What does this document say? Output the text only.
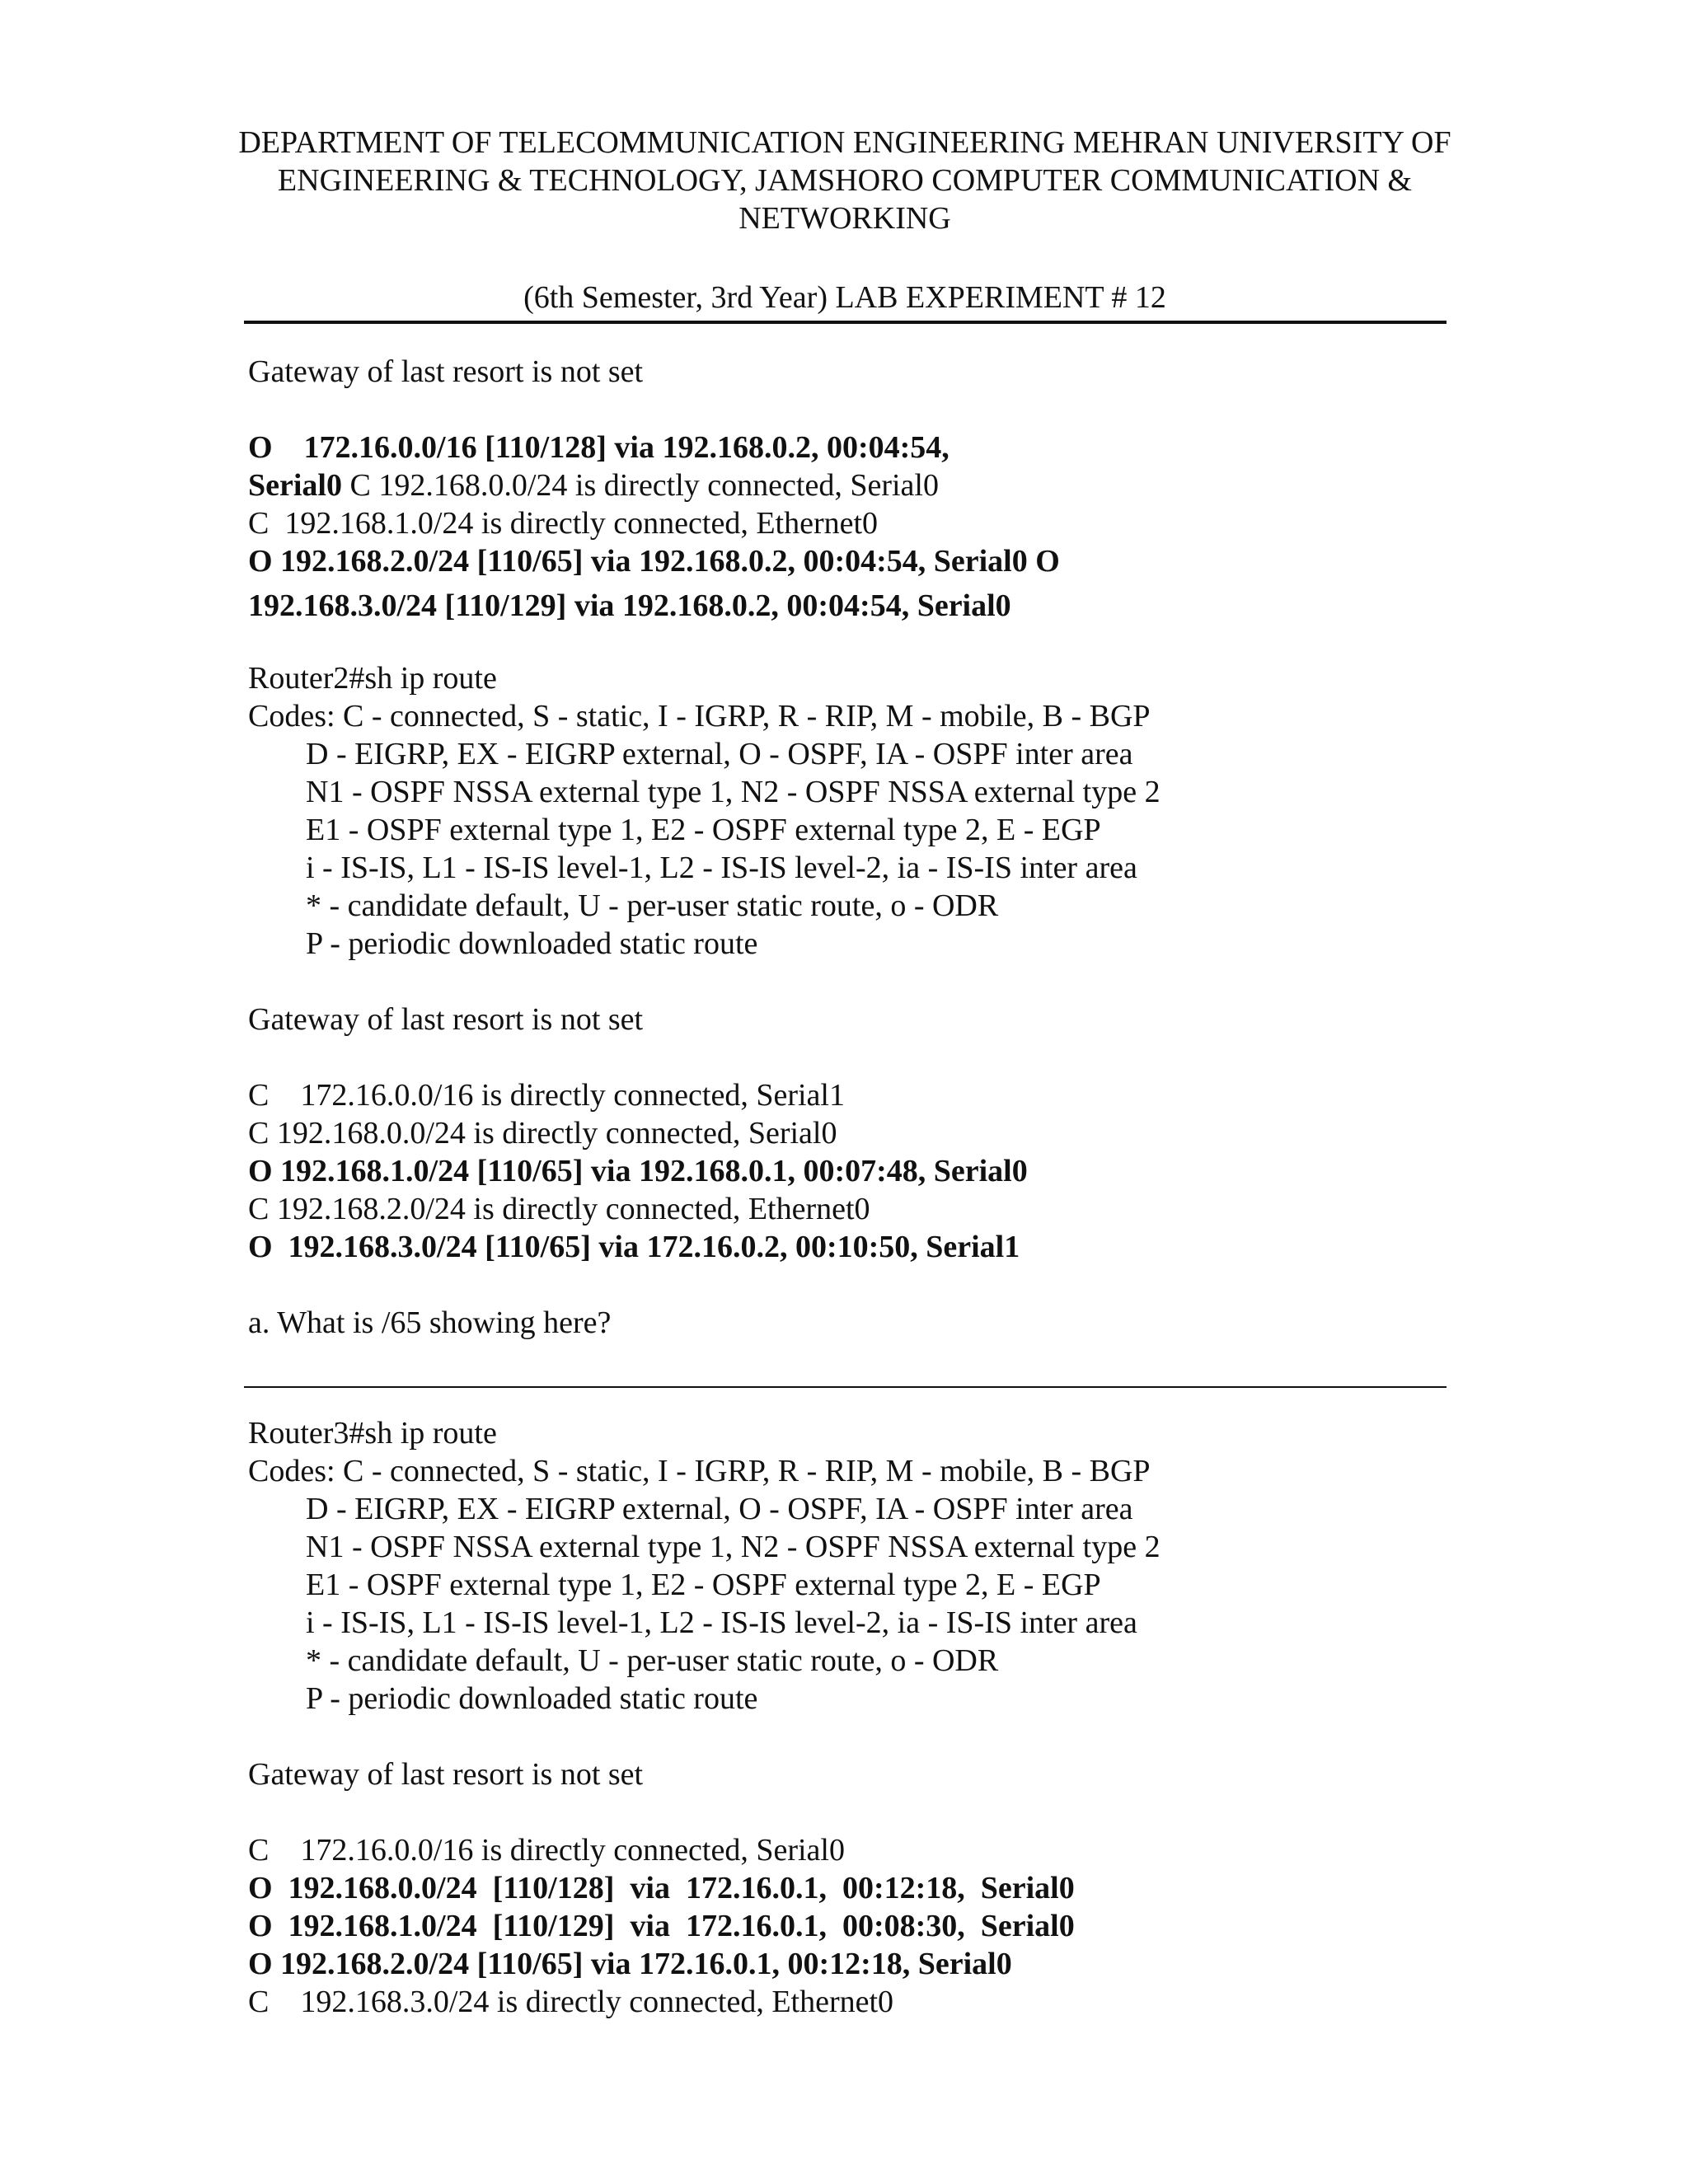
DEPARTMENT OF TELECOMMUNICATION ENGINEERING MEHRAN UNIVERSITY OF ENGINEERING & TECHNOLOGY, JAMSHORO COMPUTER COMMUNICATION & NETWORKING
(6th Semester, 3rd Year) LAB EXPERIMENT # 12
Gateway of last resort is not set
O    172.16.0.0/16 [110/128] via 192.168.0.2, 00:04:54,
Serial0 C 192.168.0.0/24 is directly connected, Serial0
C  192.168.1.0/24 is directly connected, Ethernet0
O 192.168.2.0/24 [110/65] via 192.168.0.2, 00:04:54, Serial0 O
192.168.3.0/24 [110/129] via 192.168.0.2, 00:04:54, Serial0
Router2#sh ip route
Codes: C - connected, S - static, I - IGRP, R - RIP, M - mobile, B - BGP
D - EIGRP, EX - EIGRP external, O - OSPF, IA - OSPF inter area
N1 - OSPF NSSA external type 1, N2 - OSPF NSSA external type 2
E1 - OSPF external type 1, E2 - OSPF external type 2, E - EGP
i - IS-IS, L1 - IS-IS level-1, L2 - IS-IS level-2, ia - IS-IS inter area
* - candidate default, U - per-user static route, o - ODR
P - periodic downloaded static route
Gateway of last resort is not set
C    172.16.0.0/16 is directly connected, Serial1
C 192.168.0.0/24 is directly connected, Serial0
O 192.168.1.0/24 [110/65] via 192.168.0.1, 00:07:48, Serial0
C 192.168.2.0/24 is directly connected, Ethernet0
O  192.168.3.0/24 [110/65] via 172.16.0.2, 00:10:50, Serial1
a. What is /65 showing here?
Router3#sh ip route
Codes: C - connected, S - static, I - IGRP, R - RIP, M - mobile, B - BGP
D - EIGRP, EX - EIGRP external, O - OSPF, IA - OSPF inter area
N1 - OSPF NSSA external type 1, N2 - OSPF NSSA external type 2
E1 - OSPF external type 1, E2 - OSPF external type 2, E - EGP
i - IS-IS, L1 - IS-IS level-1, L2 - IS-IS level-2, ia - IS-IS inter area
* - candidate default, U - per-user static route, o - ODR
P - periodic downloaded static route
Gateway of last resort is not set
C    172.16.0.0/16 is directly connected, Serial0
O  192.168.0.0/24  [110/128]  via  172.16.0.1,  00:12:18,  Serial0
O  192.168.1.0/24  [110/129]  via  172.16.0.1,  00:08:30,  Serial0
O 192.168.2.0/24 [110/65] via 172.16.0.1, 00:12:18, Serial0
C    192.168.3.0/24 is directly connected, Ethernet0
